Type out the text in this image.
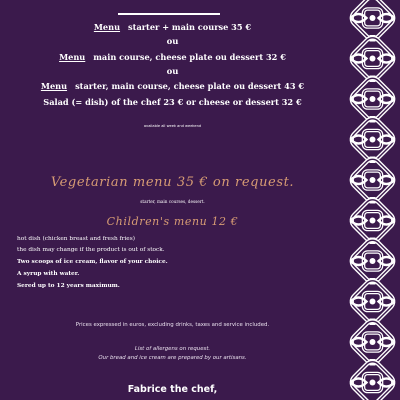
Menu starter + main course 35 €
ou
Menu main course, cheese plate ou dessert 32 €
ou
Menu starter, main course, cheese plate ou dessert 43 €
Salad (= dish) of the chef 23 € or cheese or dessert 32 €
available all week and weekend
Vegetarian menu 35 € on request.
starter, main courses, dessert.
Children's menu 12 €
hot dish (chicken breast and fresh fries)
the dish may change if the product is out of stock.
Two scoops of ice cream, flavor of your choice.
A syrup with water.
Sered up to 12 years maximum.
Prices expressed in euros, excluding drinks, taxes and service included.
List of allergens on request.
Our bread and ice cream are prepared by our artisans.
Fabrice the chef,
